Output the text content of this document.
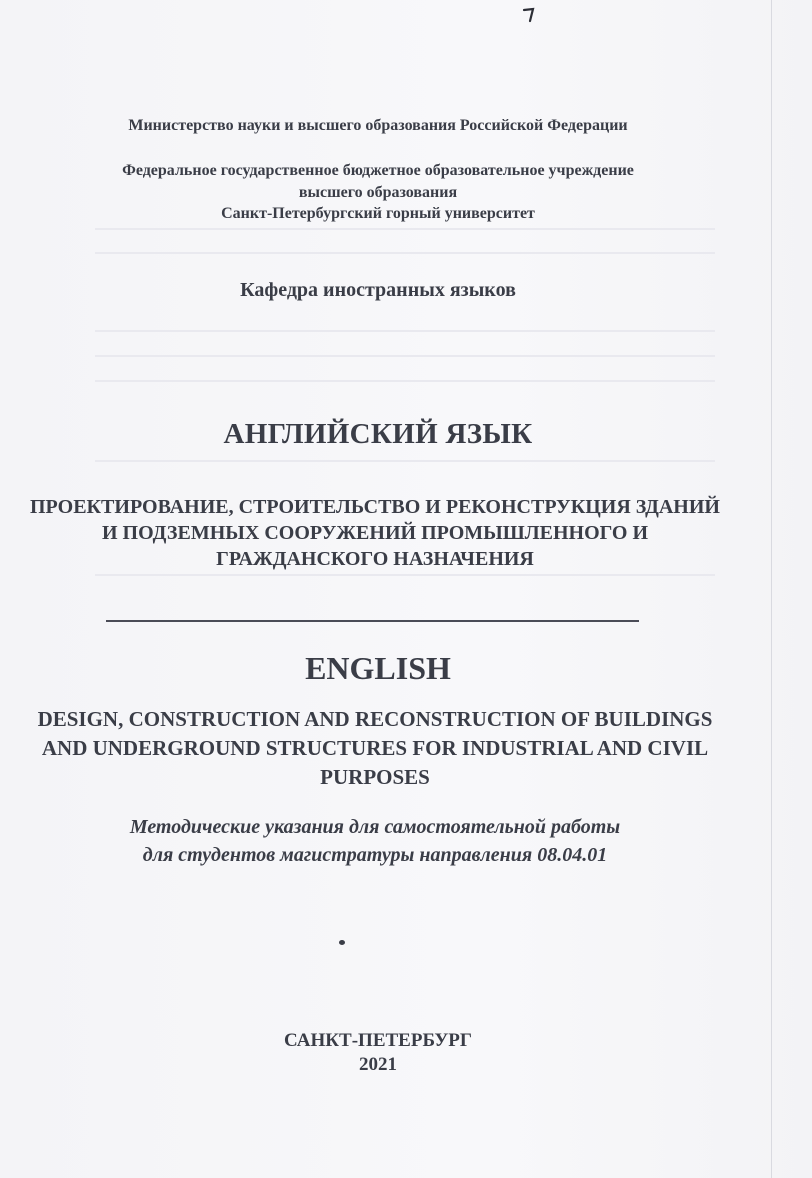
Министерство науки и высшего образования Российской Федерации
Федеральное государственное бюджетное образовательное учреждение
высшего образования
Санкт-Петербургский горный университет
Кафедра иностранных языков
АНГЛИЙСКИЙ ЯЗЫК
ПРОЕКТИРОВАНИЕ, СТРОИТЕЛЬСТВО И РЕКОНСТРУКЦИЯ ЗДАНИЙ И ПОДЗЕМНЫХ СООРУЖЕНИЙ ПРОМЫШЛЕННОГО И ГРАЖДАНСКОГО НАЗНАЧЕНИЯ
ENGLISH
DESIGN, CONSTRUCTION AND RECONSTRUCTION OF BUILDINGS AND UNDERGROUND STRUCTURES FOR INDUSTRIAL AND CIVIL PURPOSES
Методические указания для самостоятельной работы
для студентов магистратуры направления 08.04.01
САНКТ-ПЕТЕРБУРГ
2021
